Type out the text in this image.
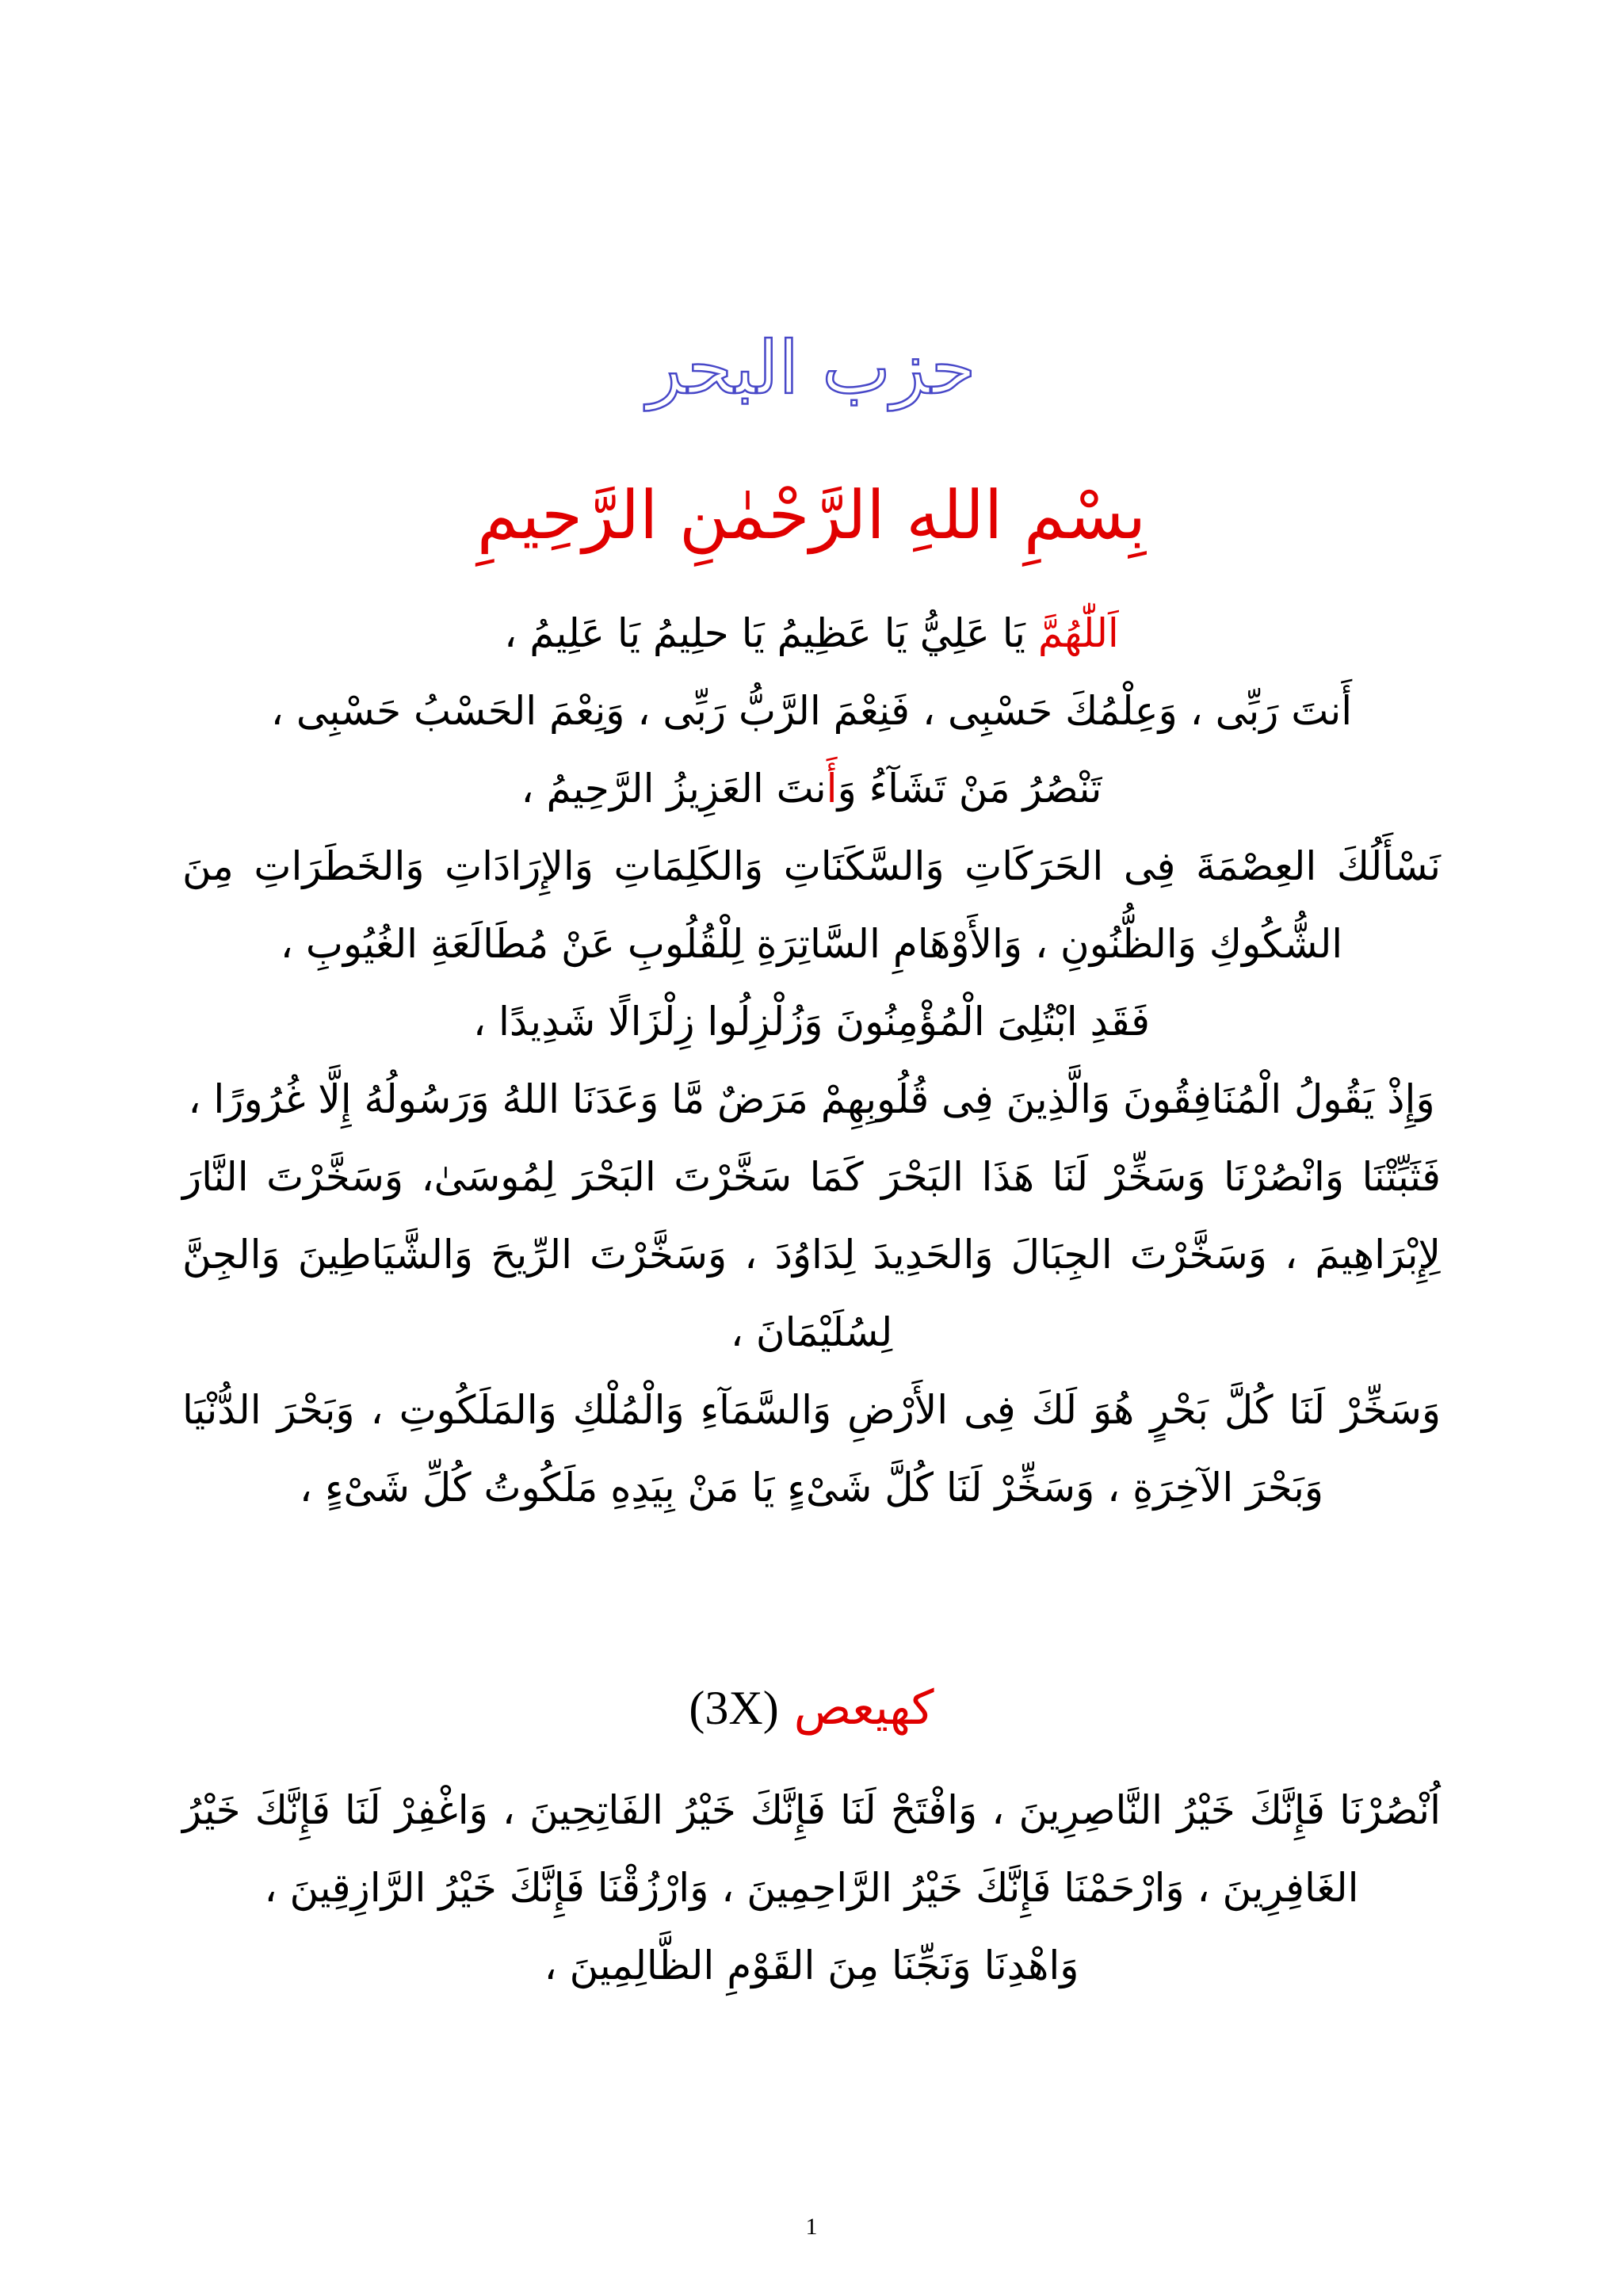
حزب البحر
بِسْمِ اللهِ الرَّحْمٰنِ الرَّحِيمِ
اَللّٰهُمَّ يَا عَلِيُّ يَا عَظِيمُ يَا حلِيمُ يَا عَلِيمُ ،
أَنتَ رَبِّى ، وَعِلْمُكَ حَسْبِى ، فَنِعْمَ الرَّبُّ رَبِّى ، وَنِعْمَ الحَسْبُ حَسْبِى ،
تَنْصُرُ مَنْ تَشَآءُ وَأَنتَ العَزِيزُ الرَّحِيمُ ،
نَسْأَلُكَ العِصْمَةَ فِى الحَرَكَاتِ وَالسَّكَنَاتِ وَالكَلِمَاتِ وَالإِرَادَاتِ وَالخَطَرَاتِ مِنَ الشُّكُوكِ وَالظُّنُونِ ، وَالأَوْهَامِ السَّاتِرَةِ لِلْقُلُوبِ عَنْ مُطَالَعَةِ الغُيُوبِ ،
فَقَدِ ابْتُلِىَ الْمُؤْمِنُونَ وَزُلْزِلُوا زِلْزَالًا شَدِيدًا ،
وَإِذْ يَقُولُ الْمُنَافِقُونَ وَالَّذِينَ فِى قُلُوبِهِمْ مَرَضٌ مَّا وَعَدَنَا اللهُ وَرَسُولُهُ إِلَّا غُرُورًا ،
فَثَبِّتْنَا وَانْصُرْنَا وَسَخِّرْ لَنَا هَذَا البَحْرَ كَمَا سَخَّرْتَ البَحْرَ لِمُوسَىٰ، وَسَخَّرْتَ النَّارَ لِإِبْرَاهِيمَ ، وَسَخَّرْتَ الجِبَالَ وَالحَدِيدَ لِدَاوُدَ ، وَسَخَّرْتَ الرِّيحَ وَالشَّيَاطِينَ وَالجِنَّ لِسُلَيْمَانَ ،
وَسَخِّرْ لَنَا كُلَّ بَحْرٍ هُوَ لَكَ فِى الأَرْضِ وَالسَّمَآءِ وَالْمُلْكِ وَالمَلَكُوتِ ، وَبَحْرَ الدُّنْيَا وَبَحْرَ الآخِرَةِ ، وَسَخِّرْ لَنَا كُلَّ شَىْءٍ يَا مَنْ بِيَدِهِ مَلَكُوتُ كُلِّ شَىْءٍ ،
كهيعص (3X)
اُنْصُرْنَا فَإِنَّكَ خَيْرُ النَّاصِرِينَ ، وَافْتَحْ لَنَا فَإِنَّكَ خَيْرُ الفَاتِحِينَ ، وَاغْفِرْ لَنَا فَإِنَّكَ خَيْرُ الغَافِرِينَ ، وَارْحَمْنَا فَإِنَّكَ خَيْرُ الرَّاحِمِينَ ، وَارْزُقْنَا فَإِنَّكَ خَيْرُ الرَّازِقِينَ ،
وَاهْدِنَا وَنَجِّنَا مِنَ القَوْمِ الظَّالِمِينَ ،
1
